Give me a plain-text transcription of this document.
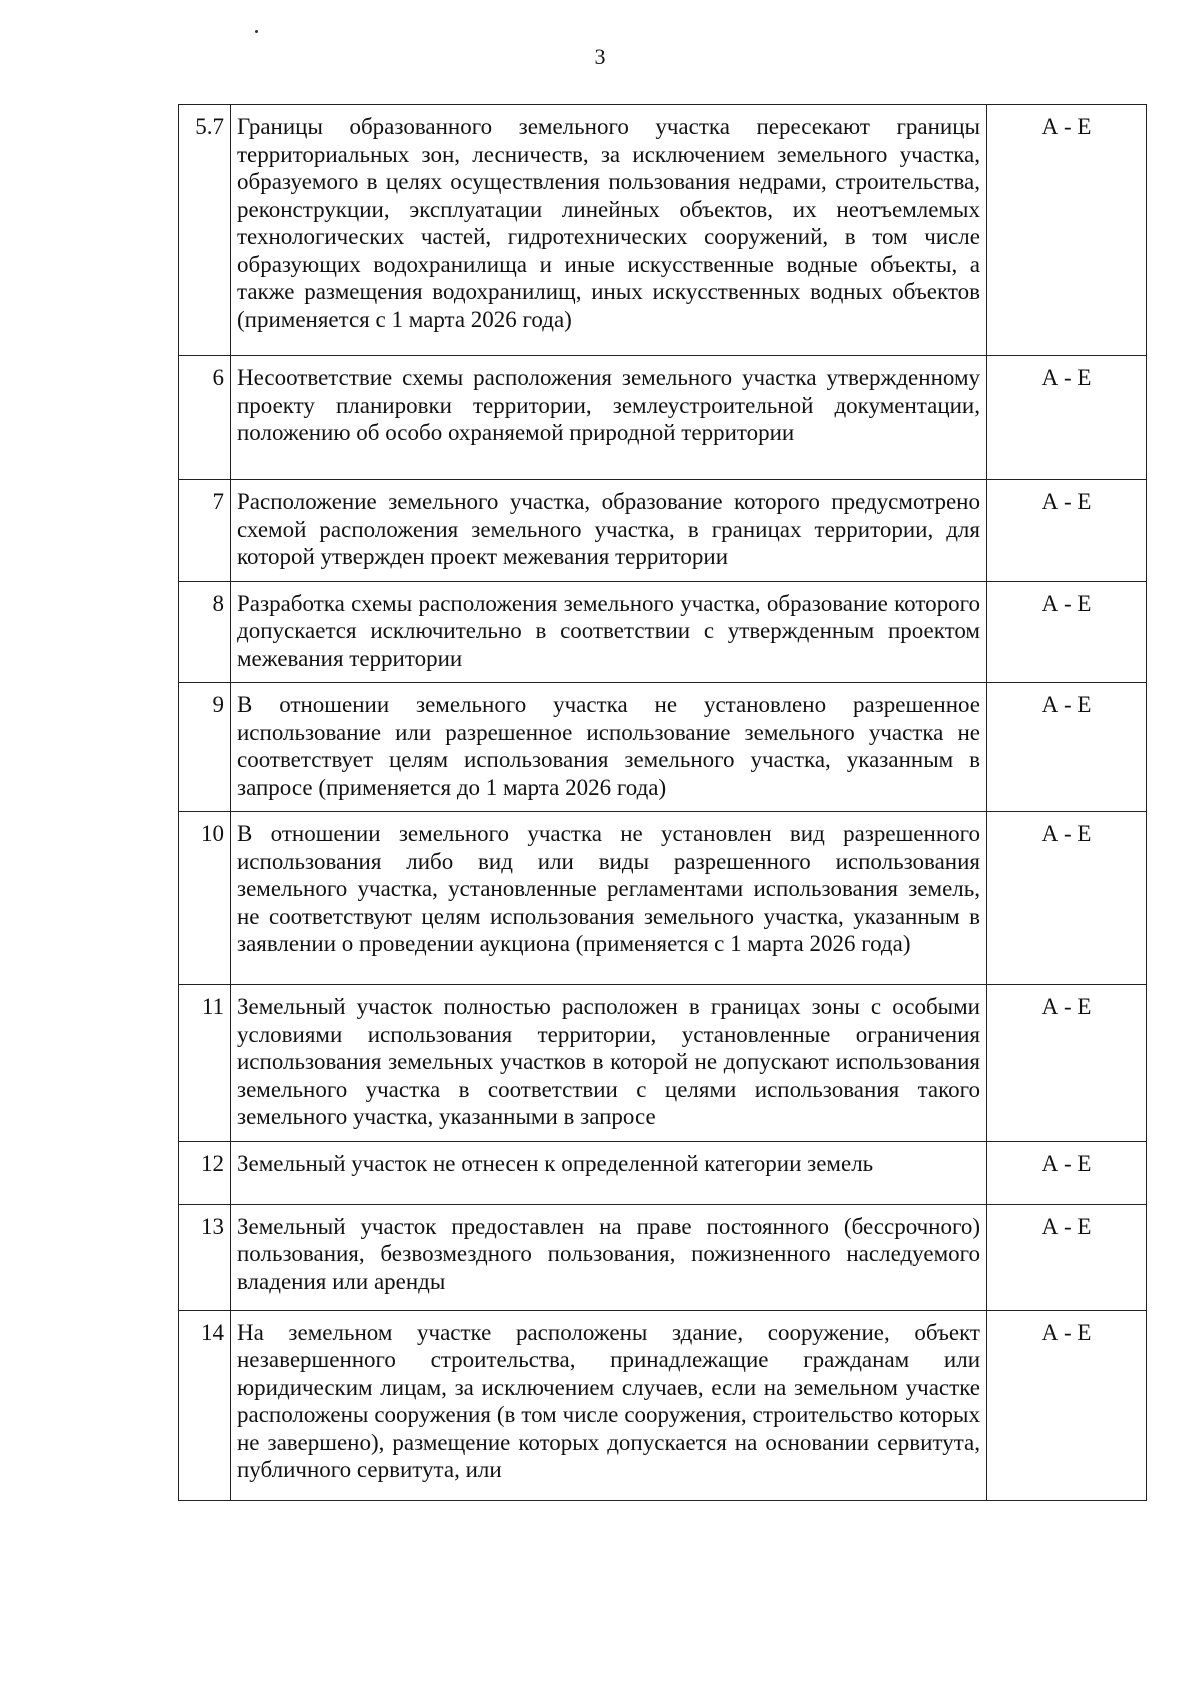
3
5.7	Границы образованного земельного участка пересекают границы территориальных зон, лесничеств, за исключением земельного участка, образуемого в целях осуществления пользования недрами, строительства, реконструкции, эксплуатации линейных объектов, их неотъемлемых технологических частей, гидротехнических сооружений, в том числе образующих водохранилища и иные искусственные водные объекты, а также размещения водохранилищ, иных искусственных водных объектов (применяется с 1 марта 2026 года)	А - Е
6	Несоответствие схемы расположения земельного участка утвержденному проекту планировки территории, землеустроительной документации, положению об особо охраняемой природной территории	А - Е
7	Расположение земельного участка, образование которого предусмотрено схемой расположения земельного участка, в границах территории, для которой утвержден проект межевания территории	А - Е
8	Разработка схемы расположения земельного участка, образование которого допускается исключительно в соответствии с утвержденным проектом межевания территории	А - Е
9	В отношении земельного участка не установлено разрешенное использование или разрешенное использование земельного участка не соответствует целям использования земельного участка, указанным в запросе (применяется до 1 марта 2026 года)	А - Е
10	В отношении земельного участка не установлен вид разрешенного использования либо вид или виды разрешенного использования земельного участка, установленные регламентами использования земель, не соответствуют целям использования земельного участка, указанным в заявлении о проведении аукциона (применяется с 1 марта 2026 года)	А - Е
11	Земельный участок полностью расположен в границах зоны с особыми условиями использования территории, установленные ограничения использования земельных участков в которой не допускают использования земельного участка в соответствии с целями использования такого земельного участка, указанными в запросе	А - Е
12	Земельный участок не отнесен к определенной категории земель	А - Е
13	Земельный участок предоставлен на праве постоянного (бессрочного) пользования, безвозмездного пользования, пожизненного наследуемого владения или аренды	А - Е
14	На земельном участке расположены здание, сооружение, объект незавершенного строительства, принадлежащие гражданам или юридическим лицам, за исключением случаев, если на земельном участке расположены сооружения (в том числе сооружения, строительство которых не завершено), размещение которых допускается на основании сервитута, публичного сервитута, или	А - Е
